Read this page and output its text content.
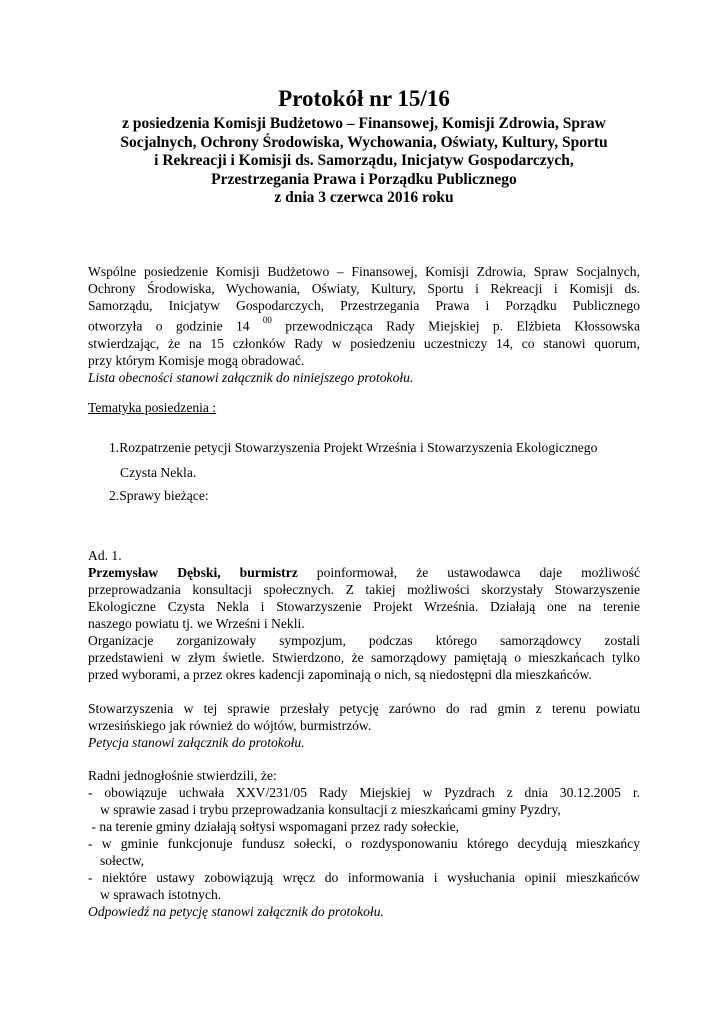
Protokół nr 15/16
z posiedzenia Komisji Budżetowo – Finansowej, Komisji Zdrowia, Spraw
Socjalnych, Ochrony Środowiska, Wychowania, Oświaty, Kultury, Sportu
i Rekreacji i Komisji ds. Samorządu, Inicjatyw Gospodarczych,
Przestrzegania Prawa i Porządku Publicznego
z dnia 3 czerwca 2016 roku
Wspólne posiedzenie Komisji Budżetowo – Finansowej, Komisji Zdrowia, Spraw Socjalnych,
Ochrony Środowiska, Wychowania, Oświaty, Kultury, Sportu i Rekreacji i Komisji ds.
Samorządu, Inicjatyw Gospodarczych, Przestrzegania Prawa i Porządku Publicznego
otworzyła o godzinie 14 $^{00}$ przewodnicząca Rady Miejskiej p. Elżbieta Kłossowska
stwierdzając, że na 15 członków Rady w posiedzeniu uczestniczy 14, co stanowi quorum,
przy którym Komisje mogą obradować.
Lista obecności stanowi załącznik do niniejszego protokołu.
Tematyka posiedzenia :
1.Rozpatrzenie petycji Stowarzyszenia Projekt Września i Stowarzyszenia Ekologicznego
Czysta Nekla.
2.Sprawy bieżące:
Ad. 1.
Przemysław Dębski, burmistrz poinformował, że ustawodawca daje możliwość
przeprowadzania konsultacji społecznych. Z takiej możliwości skorzystały Stowarzyszenie
Ekologiczne Czysta Nekla i Stowarzyszenie Projekt Września. Działają one na terenie
naszego powiatu tj. we Wrześni i Nekli.
Organizacje zorganizowały sympozjum, podczas którego samorządowcy zostali
przedstawieni w złym świetle. Stwierdzono, że samorządowy pamiętają o mieszkańcach tylko
przed wyborami, a przez okres kadencji zapominają o nich, są niedostępni dla mieszkańców.
Stowarzyszenia w tej sprawie przesłały petycję zarówno do rad gmin z terenu powiatu
wrzesińskiego jak również do wójtów, burmistrzów.
Petycja stanowi załącznik do protokołu.
Radni jednogłośnie stwierdzili, że:
- obowiązuje uchwała XXV/231/05 Rady Miejskiej w Pyzdrach z dnia 30.12.2005 r.
w sprawie zasad i trybu przeprowadzania konsultacji z mieszkańcami gminy Pyzdry,
- na terenie gminy działają sołtysi wspomagani przez rady sołeckie,
- w gminie funkcjonuje fundusz sołecki, o rozdysponowaniu którego decydują mieszkańcy
sołectw,
- niektóre ustawy zobowiązują wręcz do informowania i wysłuchania opinii mieszkańców
w sprawach istotnych.
Odpowiedź na petycję stanowi załącznik do protokołu.
